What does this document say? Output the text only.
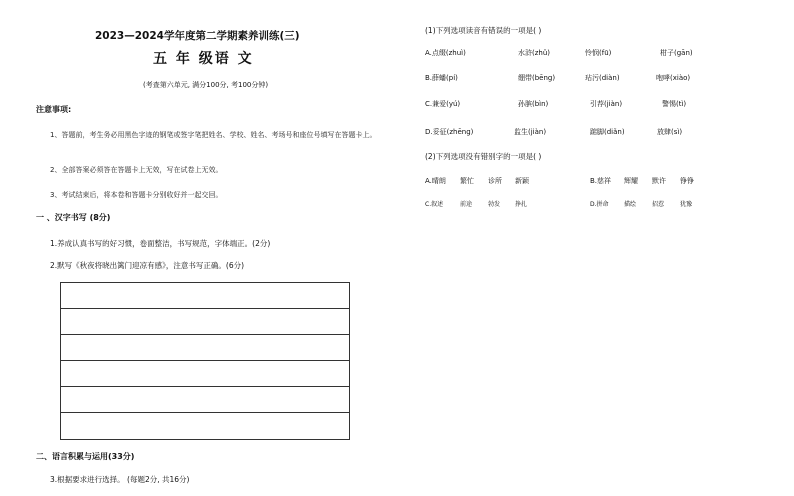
2023—2024学年度第二学期素养训练(三)
五 年 级语 文
(考查第六单元, 满分100分, 考100分钟)
注意事项:
1、答题前，考生务必用黑色字迹的钢笔或签字笔把姓名、学校、姓名、考场号和座位号填写在答题卡上。
2、全部答案必须答在答题卡上无效，写在试卷上无效。
3、考试结束后，将本卷和答题卡分别收好并一起交回。
一 、汉字书写 (8分)
1.养成认真书写的好习惯，卷面整洁，书写规范，字体端正。(2分)
2.默写《秋夜将晓出篱门迎凉有感》，注意书写正确。(6分)
二、语言积累与运用(33分)
3.根据要求进行选择。 (每题2分, 共16分)
(1)下列选项读音有错误的一项是( )
A.点缀(zhuì)	水浒(zhǔ)	怜悯(fū)	柑子(gān)
B.薛蟠(pí)	绷带(bēng)	玷污(diàn)	咆哮(xiào)
C.兼爱(yú)	孙膑(bìn)	引荐(jiàn)	警惕(tì)
D.妥征(zhēng)	监生(jiàn)	踮脚(diǎn)	放肆(sì)
(2)下列选项没有错别字的一项是( )
A.晴朗 繁忙 诊所 新颖	B.慈祥 辉耀 默许 铮铮
C.叙述	前途	勃发 挣扎	D.拼命	描绘	招惹	犹豫
